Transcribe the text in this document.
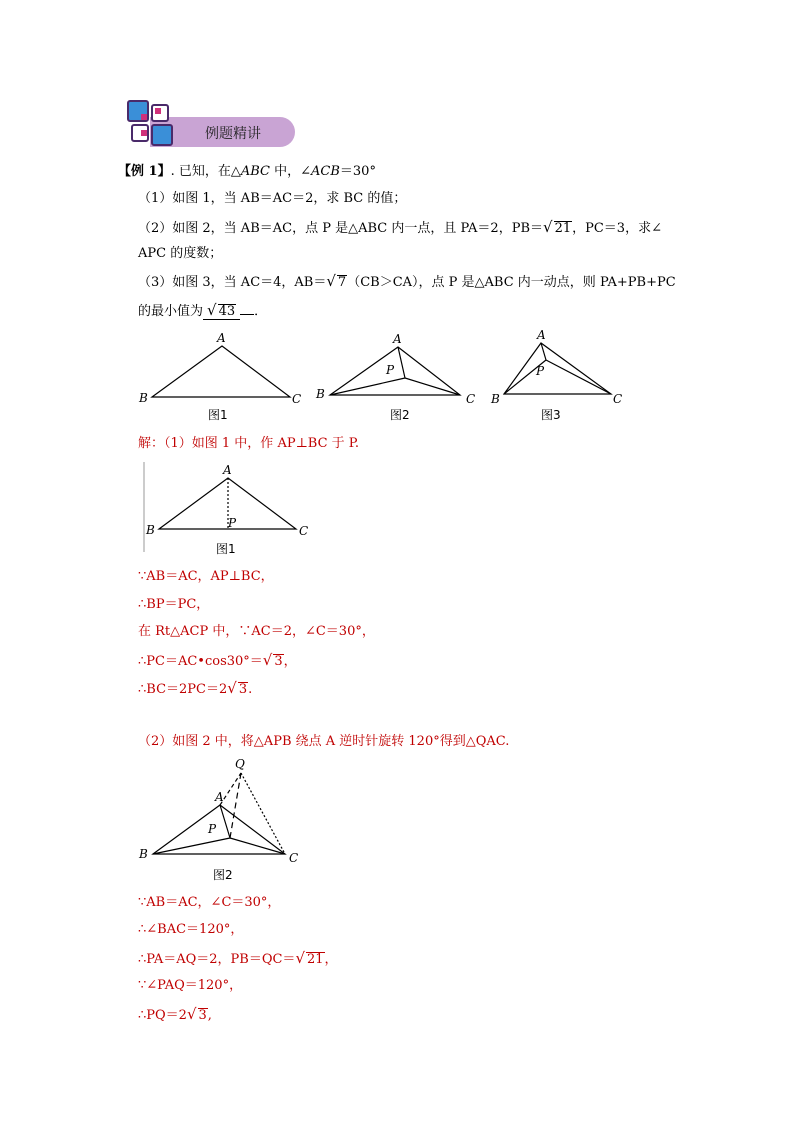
例题精讲
【例 1】. 已知，在△ABC 中，∠ACB＝30°
（1）如图 1，当 AB＝AC＝2，求 BC 的值；
（2）如图 2，当 AB＝AC，点 P 是△ABC 内一点，且 PA＝2，PB＝√ 21，PC＝3，求∠
APC 的度数；
（3）如图 3，当 AC＝4，AB＝√ 7（CB＞CA），点 P 是△ABC 内一动点，则 PA+PB+PC
的最小值为 √ 43 ．
A
B	C
图1
A
B	C
P
图2
A
B	C
P
图3
解：（1）如图 1 中，作 AP⊥BC 于 P.
A
B	C
P
图1
∵AB＝AC，AP⊥BC，
∴BP＝PC，
在 Rt△ACP 中，∵AC＝2，∠C＝30°，
∴PC＝AC•cos30°＝√ 3，
∴BC＝2PC＝2√ 3.
（2）如图 2 中，将△APB 绕点 A 逆时针旋转 120°得到△QAC.
Q
A
B	C
P
图2
∵AB＝AC，∠C＝30°，
∴∠BAC＝120°，
∴PA＝AQ＝2，PB＝QC＝√ 21，
∵∠PAQ＝120°，
∴PQ＝2√ 3,
